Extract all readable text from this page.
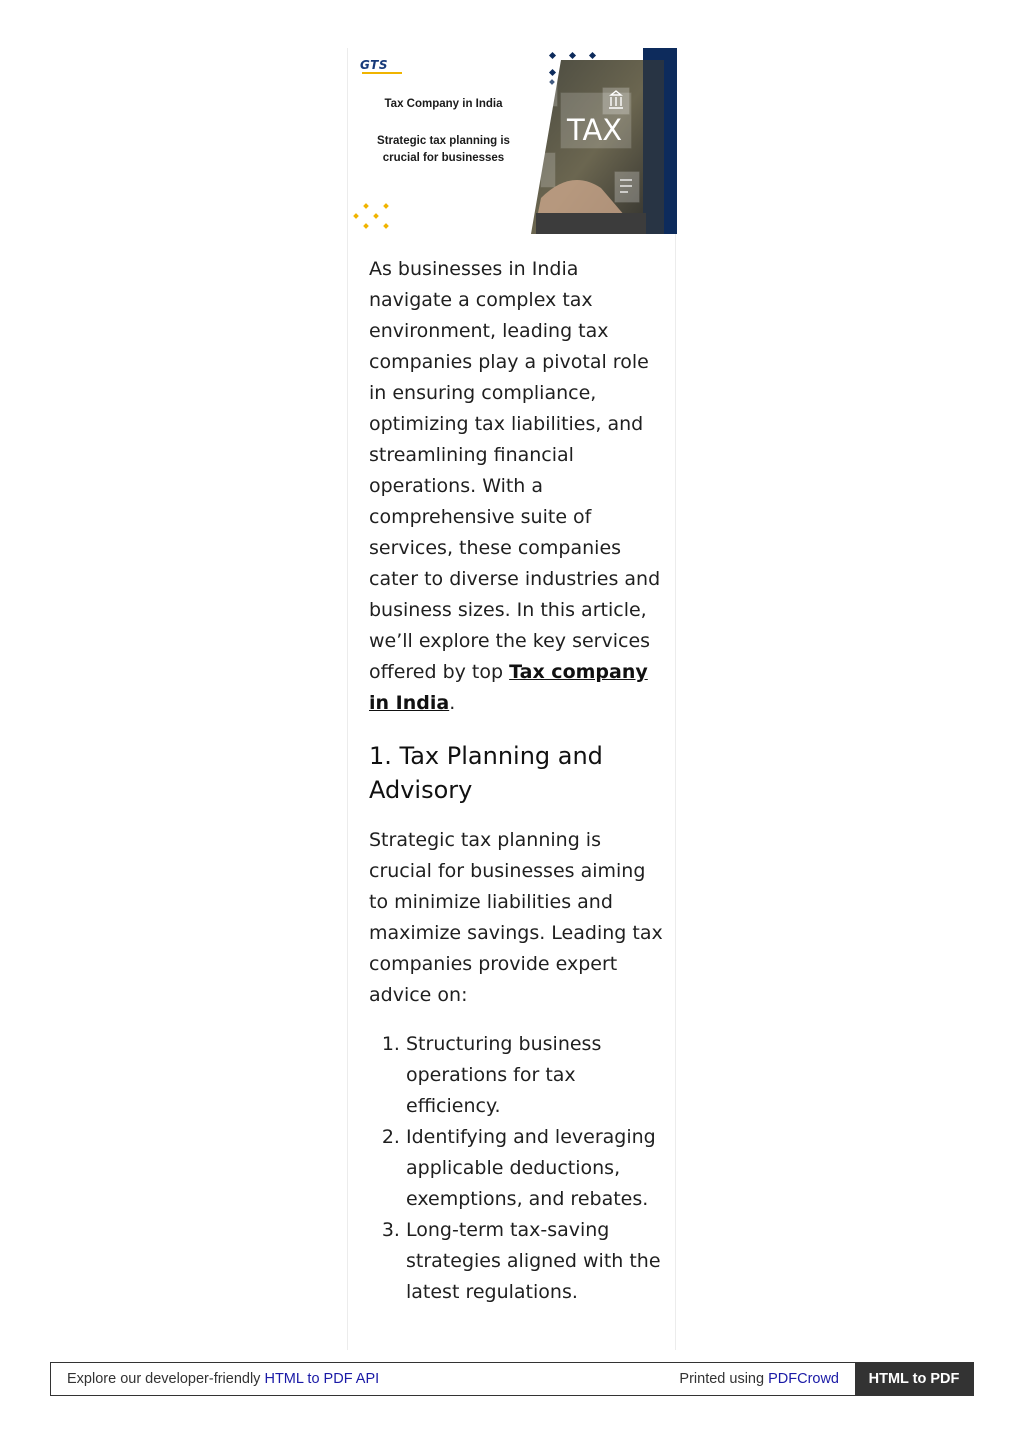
GTS
Tax Company in India
Strategic tax planning is crucial for businesses
TAX

As businesses in India navigate a complex tax environment, leading tax companies play a pivotal role in ensuring compliance, optimizing tax liabilities, and streamlining financial operations. With a comprehensive suite of services, these companies cater to diverse industries and business sizes. In this article, we’ll explore the key services offered by top Tax company in India.

1. Tax Planning and Advisory

Strategic tax planning is crucial for businesses aiming to minimize liabilities and maximize savings. Leading tax companies provide expert advice on:

1. Structuring business operations for tax efficiency.
2. Identifying and leveraging applicable deductions, exemptions, and rebates.
3. Long-term tax-saving strategies aligned with the latest regulations.
Explore our developer-friendly HTML to PDF API	Printed using PDFCrowd	HTML to PDF
